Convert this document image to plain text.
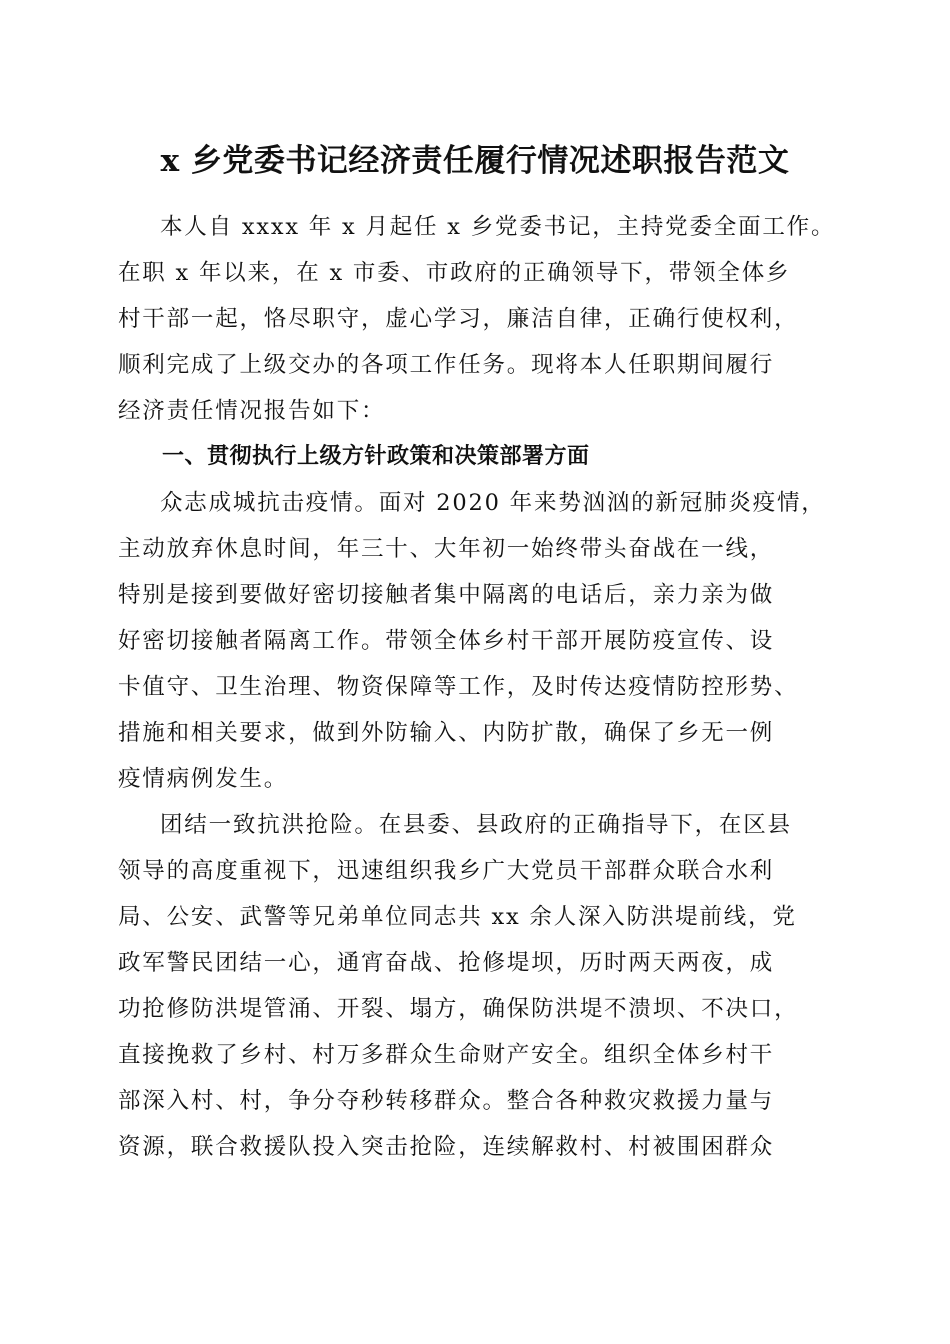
x 乡党委书记经济责任履行情况述职报告范文

本人自 xxxx 年 x 月起任 x 乡党委书记，主持党委全面工作。
在职 x 年以来，在 x 市委、市政府的正确领导下，带领全体乡
村干部一起，恪尽职守，虚心学习，廉洁自律，正确行使权利，
顺利完成了上级交办的各项工作任务。现将本人任职期间履行
经济责任情况报告如下：

一、贯彻执行上级方针政策和决策部署方面

众志成城抗击疫情。面对 2020 年来势汹汹的新冠肺炎疫情，
主动放弃休息时间，年三十、大年初一始终带头奋战在一线，
特别是接到要做好密切接触者集中隔离的电话后，亲力亲为做
好密切接触者隔离工作。带领全体乡村干部开展防疫宣传、设
卡值守、卫生治理、物资保障等工作，及时传达疫情防控形势、
措施和相关要求，做到外防输入、内防扩散，确保了乡无一例
疫情病例发生。

团结一致抗洪抢险。在县委、县政府的正确指导下，在区县
领导的高度重视下，迅速组织我乡广大党员干部群众联合水利
局、公安、武警等兄弟单位同志共 xx 余人深入防洪堤前线，党
政军警民团结一心，通宵奋战、抢修堤坝，历时两天两夜，成
功抢修防洪堤管涌、开裂、塌方，确保防洪堤不溃坝、不决口，
直接挽救了乡村、村万多群众生命财产安全。组织全体乡村干
部深入村、村，争分夺秒转移群众。整合各种救灾救援力量与
资源，联合救援队投入突击抢险，连续解救村、村被围困群众
